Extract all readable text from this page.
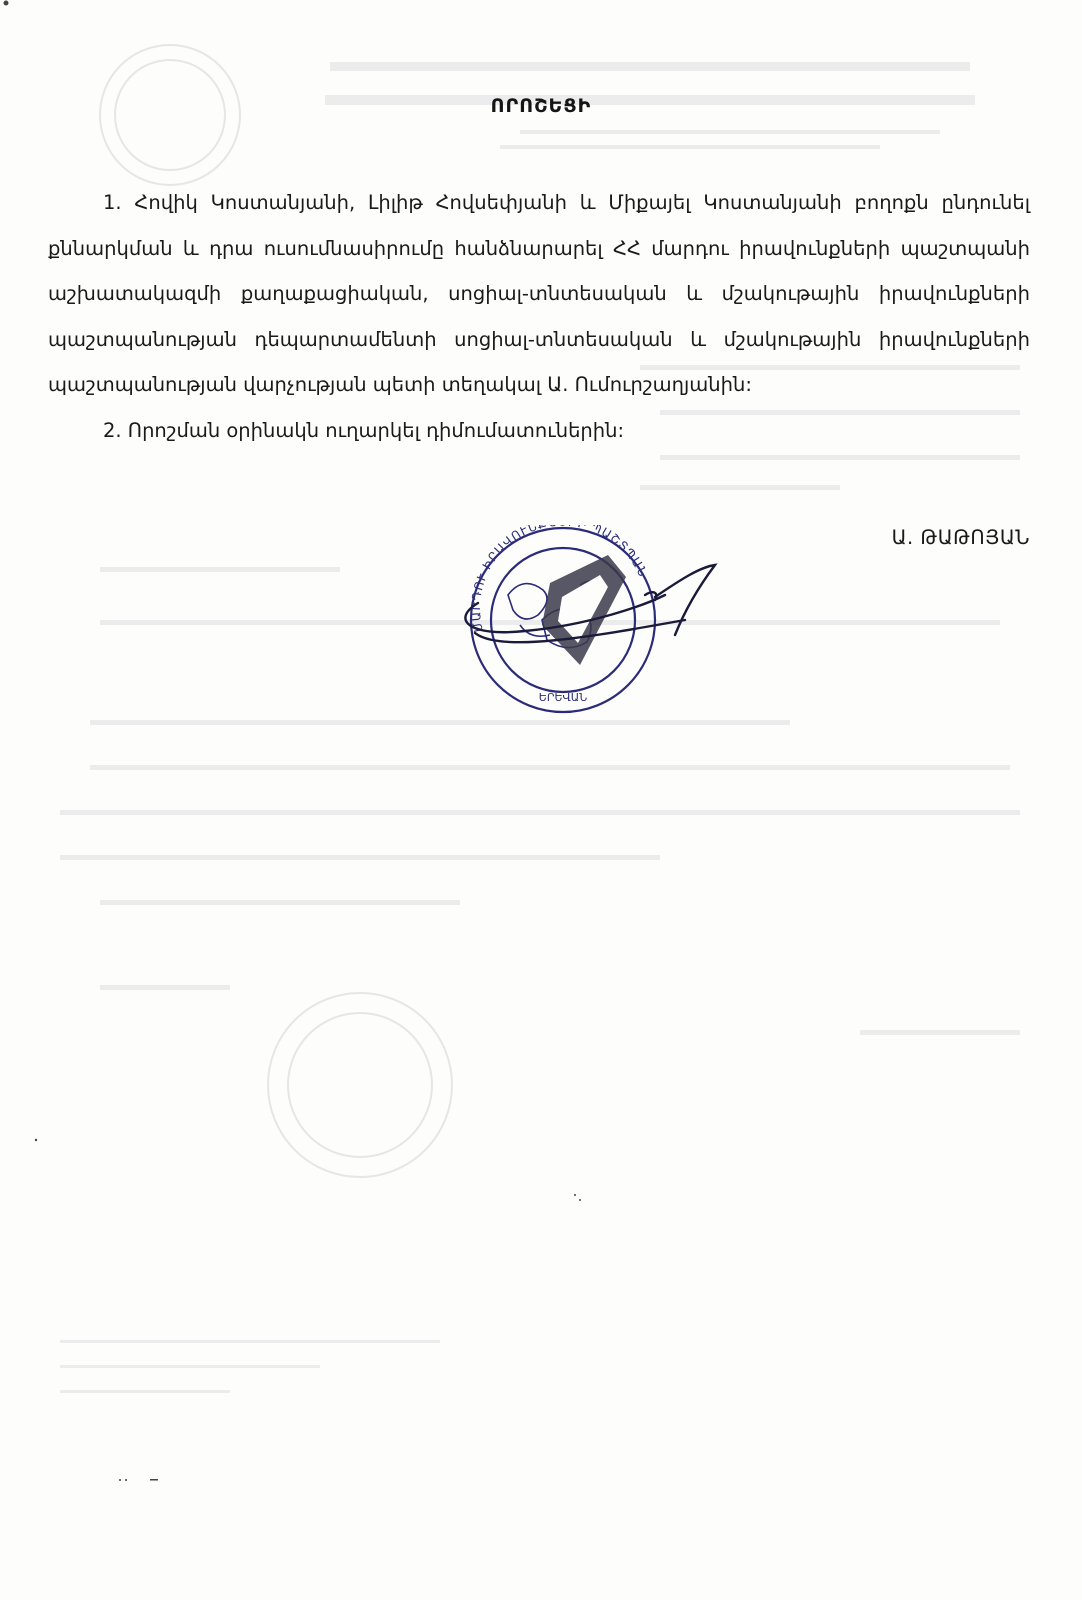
ՈՐՈՇԵՑԻ

1. Հովիկ Կոստանյանի, Լիլիթ Հովսեփյանի և Միքայել Կոստանյանի բողոքն ընդունել քննարկման և դրա ուսումնասիրումը հանձնարարել ՀՀ մարդու իրավունքների պաշտպանի աշխատակազմի քաղաքացիական, սոցիալ-տնտեսական և մշակութային իրավունքների պաշտպանության դեպարտամենտի սոցիալ-տնտեսական և մշակութային իրավունքների պաշտպանության վարչության պետի տեղակալ Ա. Ումուրշաղյանին:

2. Որոշման օրինակն ուղարկել դիմումատուներին:

Ա. ԹԱԹՈՅԱՆ
ՄԱՐԴՈՒ ԻՐԱՎՈՒՆ ՊԱՇՏՊԱՆ
ԵՐԵՎԱՆ
